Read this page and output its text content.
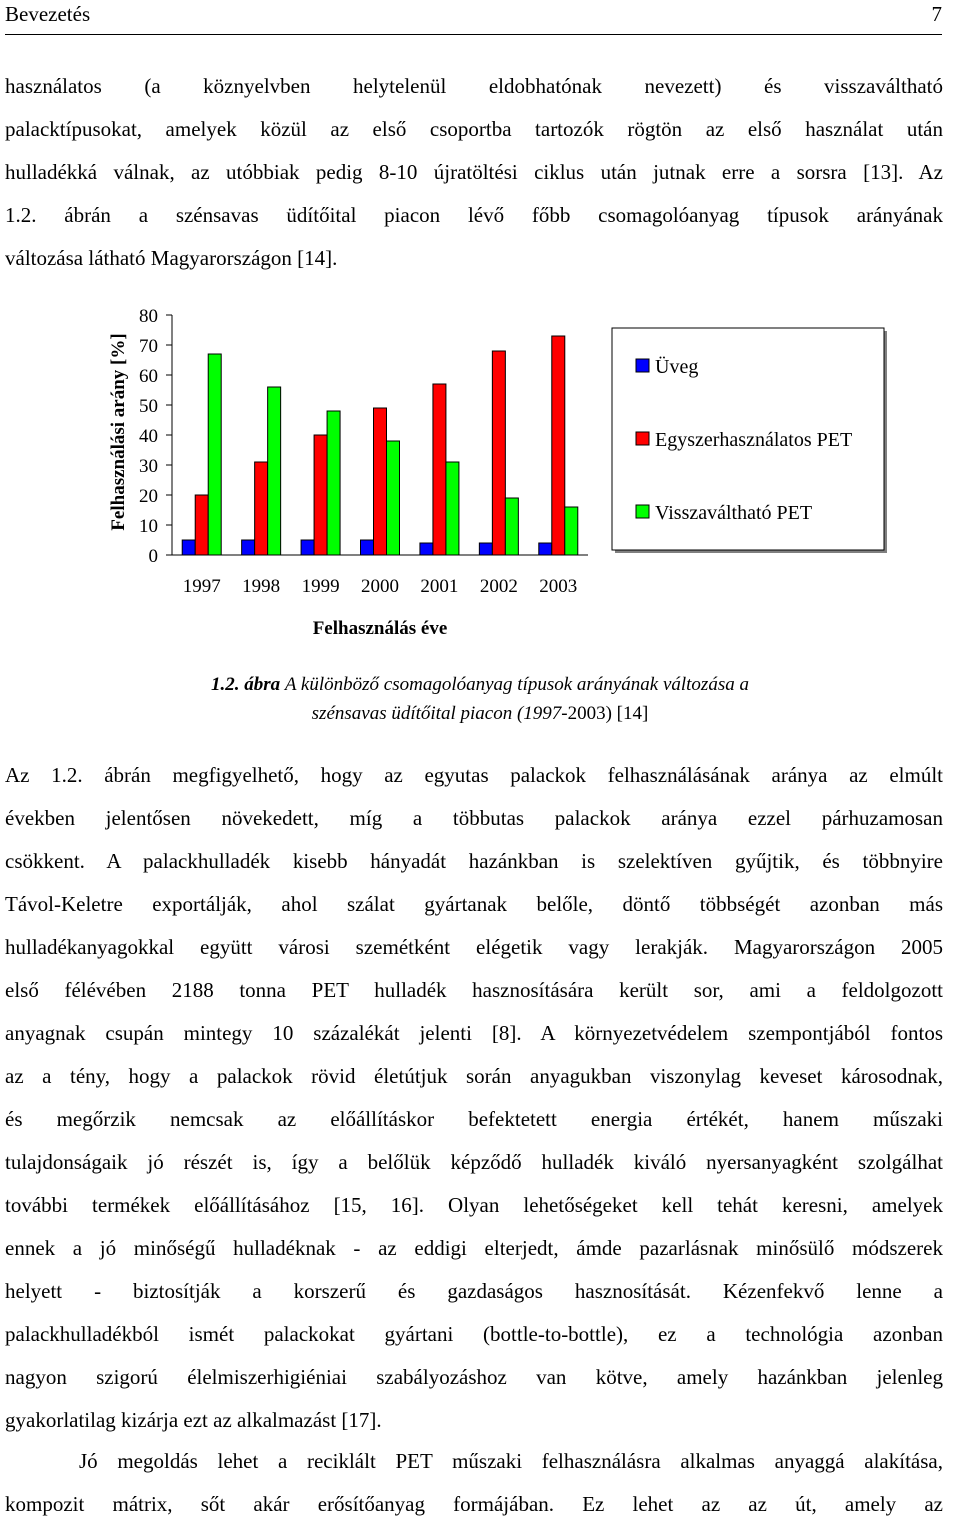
Bevezetés	7
használatos (a köznyelvben helytelenül eldobhatónak nevezett) és visszaváltható
palacktípusokat, amelyek közül az első csoportba tartozók rögtön az első használat után
hulladékká válnak, az utóbbiak pedig 8-10 újratöltési ciklus után jutnak erre a sorsra [13]. Az
1.2. ábrán a szénsavas üdítőital piacon lévő főbb csomagolóanyag típusok arányának
változása látható Magyarországon [14].
0
10
20
30
40
50
60
70
80
1997 1998 1999 2000 2001 2002 2003
Felhasználás éve
Felhasználási arány [%]	Üveg
Egyszerhasználatos PET
Visszaváltható PET
1.2. ábra A különböző csomagolóanyag típusok arányának változása a
szénsavas üdítőital piacon (1997-2003) [14]
Az 1.2. ábrán megfigyelhető, hogy az egyutas palackok felhasználásának aránya az elmúlt
években jelentősen növekedett, míg a többutas palackok aránya ezzel párhuzamosan
csökkent. A palackhulladék kisebb hányadát hazánkban is szelektíven gyűjtik, és többnyire
Távol-Keletre exportálják, ahol szálat gyártanak belőle, döntő többségét azonban más
hulladékanyagokkal együtt városi szemétként elégetik vagy lerakják. Magyarországon 2005
első félévében 2188 tonna PET hulladék hasznosítására került sor, ami a feldolgozott
anyagnak csupán mintegy 10 százalékát jelenti [8]. A környezetvédelem szempontjából fontos
az a tény, hogy a palackok rövid életútjuk során anyagukban viszonylag keveset károsodnak,
és megőrzik nemcsak az előállításkor befektetett energia értékét, hanem műszaki
tulajdonságaik jó részét is, így a belőlük képződő hulladék kiváló nyersanyagként szolgálhat
további termékek előállításához [15, 16]. Olyan lehetőségeket kell tehát keresni, amelyek
ennek a jó minőségű hulladéknak - az eddigi elterjedt, ámde pazarlásnak minősülő módszerek
helyett - biztosítják a korszerű és gazdaságos hasznosítását. Kézenfekvő lenne a
palackhulladékból ismét palackokat gyártani (bottle-to-bottle), ez a technológia azonban
nagyon szigorú élelmiszerhigiéniai szabályozáshoz van kötve, amely hazánkban jelenleg
gyakorlatilag kizárja ezt az alkalmazást [17].
Jó megoldás lehet a reciklált PET műszaki felhasználásra alkalmas anyaggá alakítása,
kompozit mátrix, sőt akár erősítőanyag formájában. Ez lehet az az út, amely az
